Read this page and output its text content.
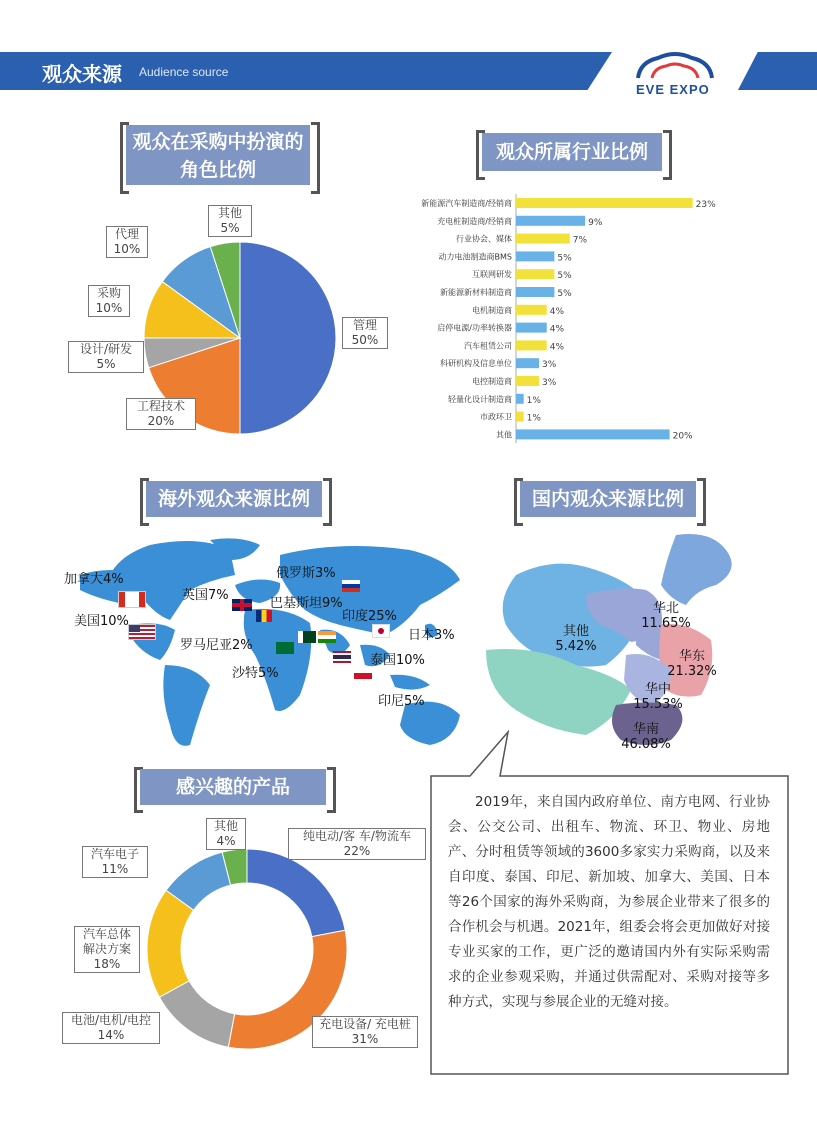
观众来源 Audience source
EVE EXPO
观众在采购中扮演的角色比例
管理
50%
工程技术
20%
设计/研发
5%
采购
10%
代理
10%
其他
5%
观众所属行业比例
新能源汽车制造商/经销商	23%
充电桩制造商/经销商	9%
行业协会、媒体	7%
动力电池制造商BMS	5%
互联网研发	5%
新能源新材料制造商	5%
电机制造商	4%
启停电源/功率转换器	4%
汽车租赁公司	4%
科研机构及信息单位	3%
电控制造商	3%
轻量化设计制造商 1%
市政环卫 1%
其他	20%
海外观众来源比例
加拿大4%
美国10%
英国7%
俄罗斯3%
巴基斯坦9%
印度25%
日本3%
罗马尼亚2%
泰国10%
沙特5%
印尼5%
国内观众来源比例
华北
11.65%
其他
5.42%
华东
21.32%
华中
15.53%
华南
46.08%
感兴趣的产品
纯电动/客 车/物流车
22%
充电设备/ 充电桩
31%
电池/电机/电控
14%
汽车总体
解决方案
18%
汽车电子
11%
其他
4%
2019年，来自国内政府单位、南方电网、行业协会、公交公司、出租车、物流、环卫、物业、房地产、分时租赁等领域的3600多家实力采购商，以及来自印度、泰国、印尼、新加坡、加拿大、美国、日本等26个国家的海外采购商，为参展企业带来了很多的合作机会与机遇。2021年，组委会将会更加做好对接专业买家的工作，更广泛的邀请国内外有实际采购需求的企业参观采购，并通过供需配对、采购对接等多种方式，实现与参展企业的无缝对接。
